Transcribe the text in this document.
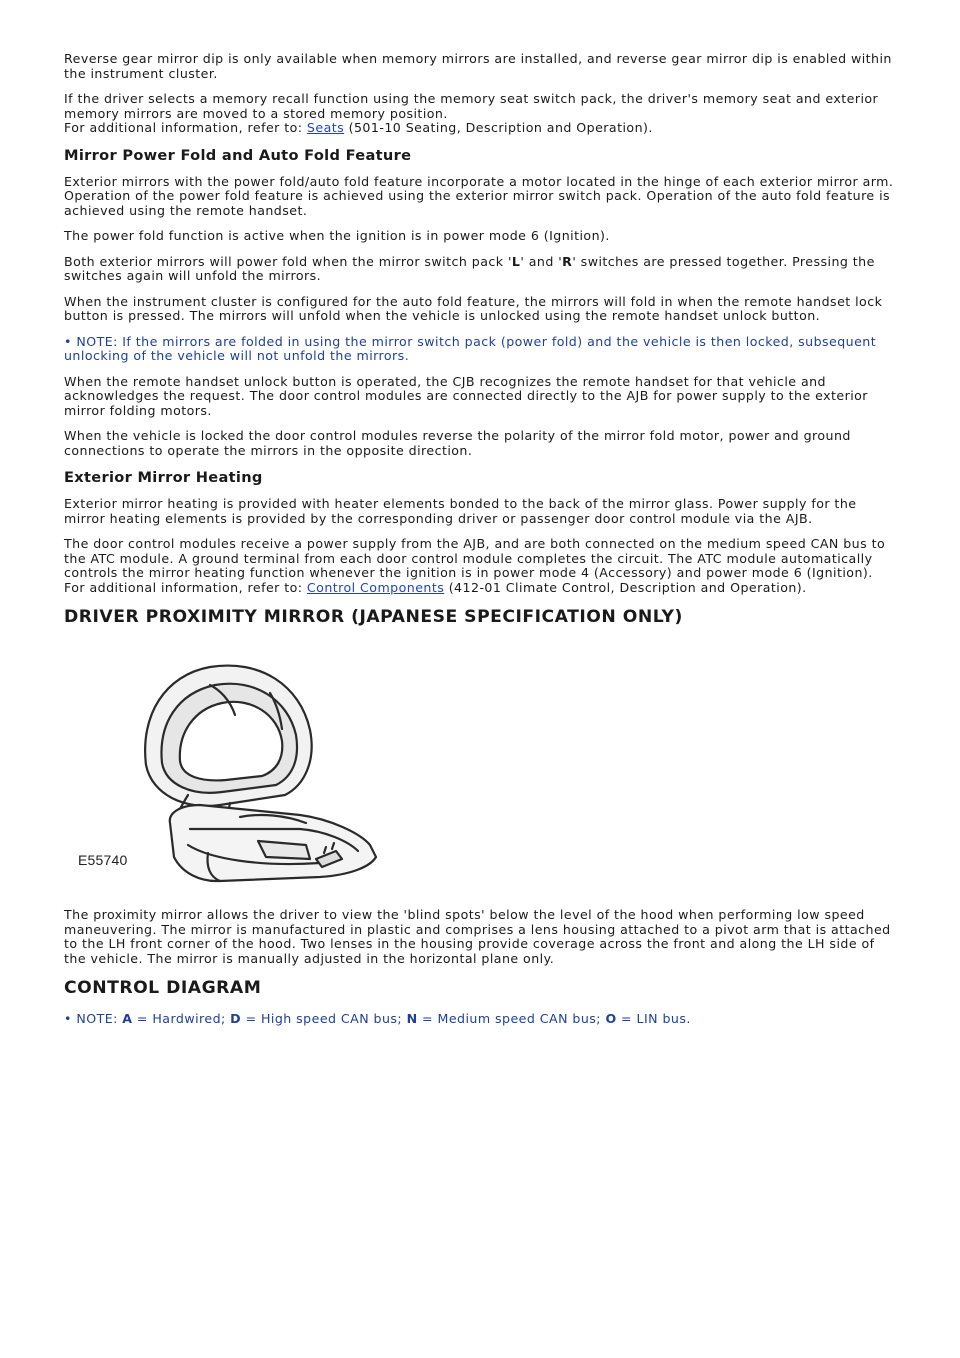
Reverse gear mirror dip is only available when memory mirrors are installed, and reverse gear mirror dip is enabled within the instrument cluster.

If the driver selects a memory recall function using the memory seat switch pack, the driver's memory seat and exterior memory mirrors are moved to a stored memory position.
For additional information, refer to: Seats (501-10 Seating, Description and Operation).

Mirror Power Fold and Auto Fold Feature

Exterior mirrors with the power fold/auto fold feature incorporate a motor located in the hinge of each exterior mirror arm. Operation of the power fold feature is achieved using the exterior mirror switch pack. Operation of the auto fold feature is achieved using the remote handset.

The power fold function is active when the ignition is in power mode 6 (Ignition).

Both exterior mirrors will power fold when the mirror switch pack 'L' and 'R' switches are pressed together. Pressing the switches again will unfold the mirrors.

When the instrument cluster is configured for the auto fold feature, the mirrors will fold in when the remote handset lock button is pressed. The mirrors will unfold when the vehicle is unlocked using the remote handset unlock button.

• NOTE: If the mirrors are folded in using the mirror switch pack (power fold) and the vehicle is then locked, subsequent unlocking of the vehicle will not unfold the mirrors.

When the remote handset unlock button is operated, the CJB recognizes the remote handset for that vehicle and acknowledges the request. The door control modules are connected directly to the AJB for power supply to the exterior mirror folding motors.

When the vehicle is locked the door control modules reverse the polarity of the mirror fold motor, power and ground connections to operate the mirrors in the opposite direction.

Exterior Mirror Heating

Exterior mirror heating is provided with heater elements bonded to the back of the mirror glass. Power supply for the mirror heating elements is provided by the corresponding driver or passenger door control module via the AJB.

The door control modules receive a power supply from the AJB, and are both connected on the medium speed CAN bus to the ATC module. A ground terminal from each door control module completes the circuit. The ATC module automatically controls the mirror heating function whenever the ignition is in power mode 4 (Accessory) and power mode 6 (Ignition).
For additional information, refer to: Control Components (412-01 Climate Control, Description and Operation).

DRIVER PROXIMITY MIRROR (JAPANESE SPECIFICATION ONLY)
E55740

The proximity mirror allows the driver to view the 'blind spots' below the level of the hood when performing low speed maneuvering. The mirror is manufactured in plastic and comprises a lens housing attached to a pivot arm that is attached to the LH front corner of the hood. Two lenses in the housing provide coverage across the front and along the LH side of the vehicle. The mirror is manually adjusted in the horizontal plane only.

CONTROL DIAGRAM

• NOTE: A = Hardwired; D = High speed CAN bus; N = Medium speed CAN bus; O = LIN bus.
